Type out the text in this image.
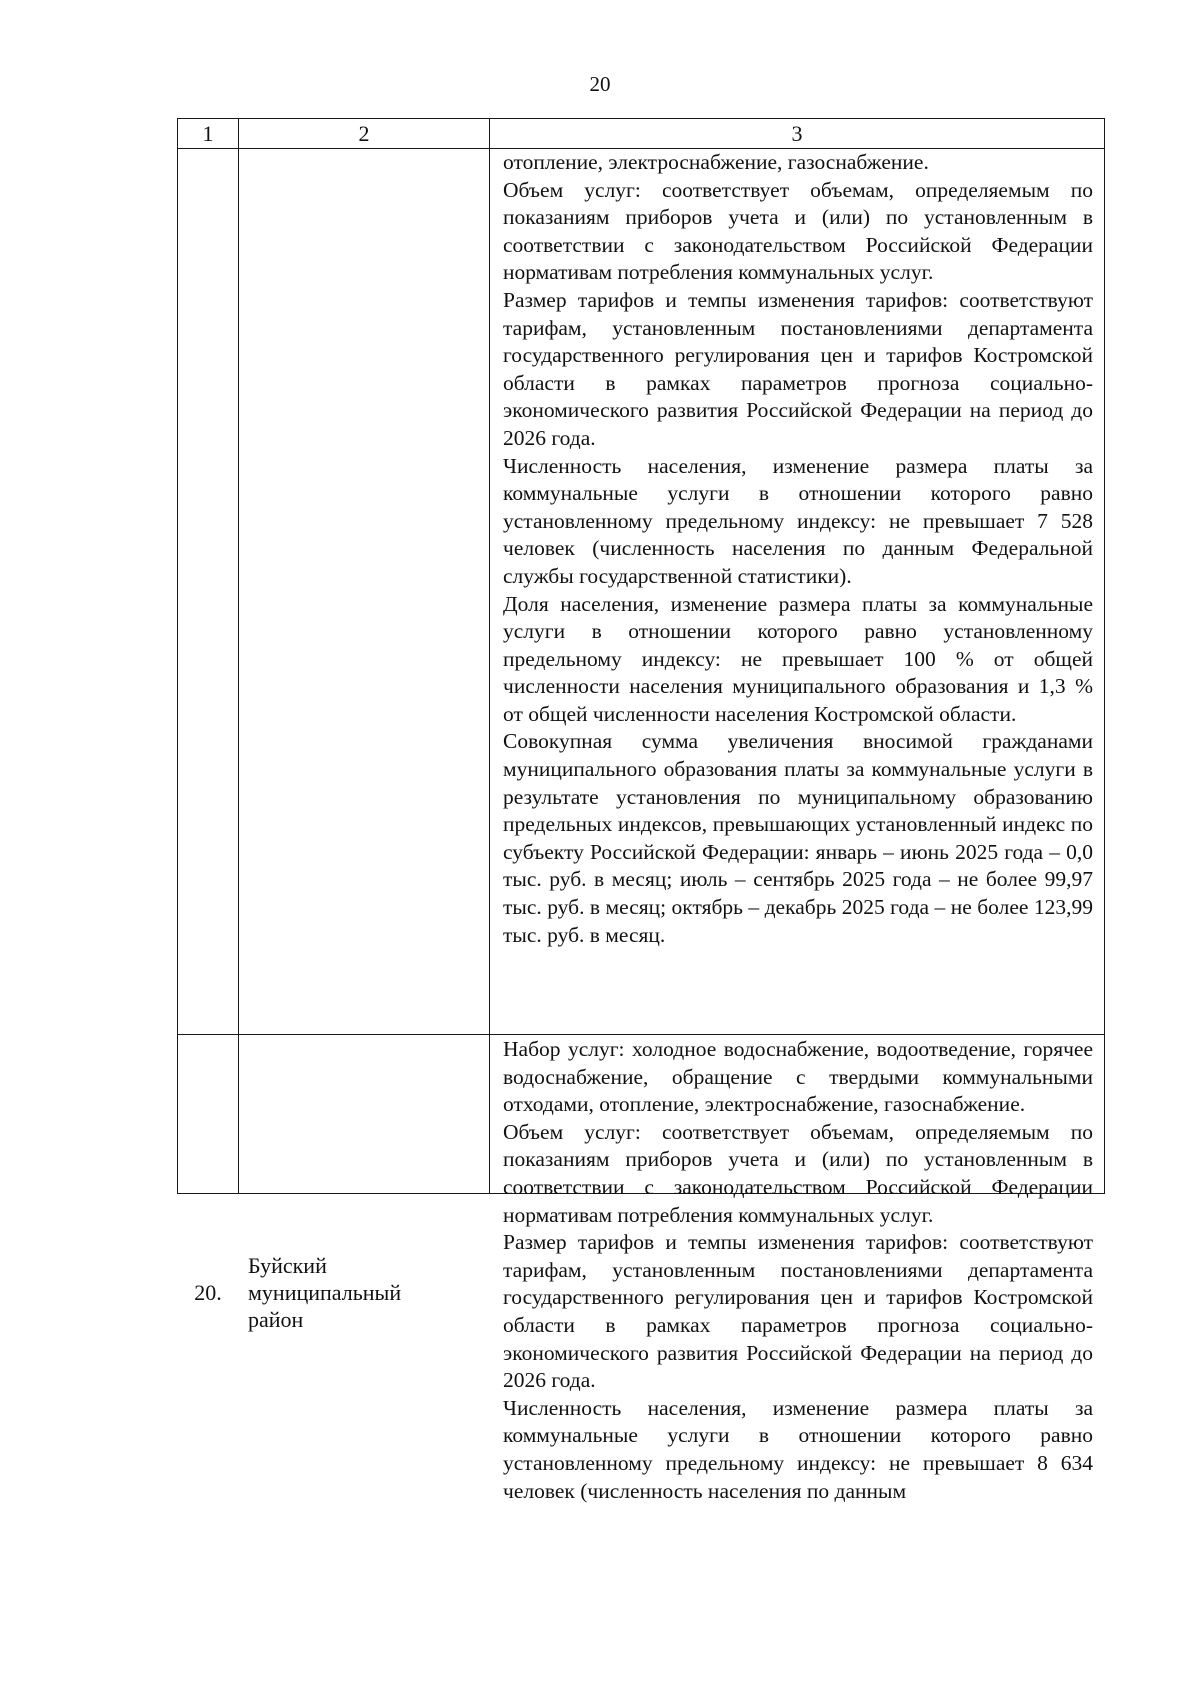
20
1	2	3

отопление, электроснабжение, газоснабжение.

Объем услуг: соответствует объемам, определяемым по показаниям приборов учета и (или) по установленным в соответствии с законодательством Российской Федерации нормативам потребления коммунальных услуг.

Размер тарифов и темпы изменения тарифов: соответствуют тарифам, установленным постановлениями департамента государственного регулирования цен и тарифов Костромской области в рамках параметров прогноза социально-экономического развития Российской Федерации на период до 2026 года.

Численность населения, изменение размера платы за коммунальные услуги в отношении которого равно установленному предельному индексу: не превышает 7 528 человек (численность населения по данным Федеральной службы государственной статистики).

Доля населения, изменение размера платы за коммунальные услуги в отношении которого равно установленному предельному индексу: не превышает 100 % от общей численности населения муниципального образования и 1,3 % от общей численности населения Костромской области.

Совокупная сумма увеличения вносимой гражданами муниципального образования платы за коммунальные услуги в результате установления по муниципальному образованию предельных индексов, превышающих установленный индекс по субъекту Российской Федерации: январь – июнь 2025 года – 0,0 тыс. руб. в месяц; июль – сентябрь 2025 года – не более 99,97 тыс. руб. в месяц; октябрь – декабрь 2025 года – не более 123,99 тыс. руб. в месяц.

20.
Буйский
муниципальный
район

Набор услуг: холодное водоснабжение, водоотведение, горячее водоснабжение, обращение с твердыми коммунальными отходами, отопление, электроснабжение, газоснабжение.

Объем услуг: соответствует объемам, определяемым по показаниям приборов учета и (или) по установленным в соответствии с законодательством Российской Федерации нормативам потребления коммунальных услуг.

Размер тарифов и темпы изменения тарифов: соответствуют тарифам, установленным постановлениями департамента государственного регулирования цен и тарифов Костромской области в рамках параметров прогноза социально-экономического развития Российской Федерации на период до 2026 года.

Численность населения, изменение размера платы за коммунальные услуги в отношении которого равно установленному предельному индексу: не превышает 8 634 человек (численность населения по данным
